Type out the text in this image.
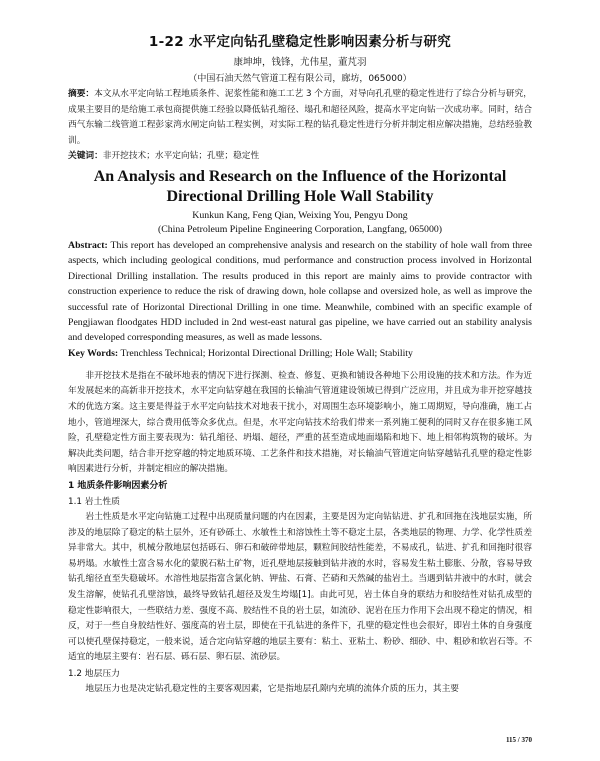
1-22 水平定向钻孔壁稳定性影响因素分析与研究

康坤坤，钱锋，尤伟星，董芃羽

（中国石油天然气管道工程有限公司，廊坊，065000）

摘要：本文从水平定向钻工程地质条件、泥浆性能和施工工艺 3 个方面，对导向孔孔壁的稳定性进行了综合分析与研究，成果主要目的是给施工承包商提供施工经验以降低钻孔缩径、塌孔和超径风险，提高水平定向钻一次成功率。同时，结合西气东输二线管道工程彭家湾水闸定向钻工程实例，对实际工程的钻孔稳定性进行分析并制定相应解决措施，总结经验教训。

关键词：非开挖技术；水平定向钻；孔壁；稳定性

An Analysis and Research on the Influence of the Horizontal Directional Drilling Hole Wall Stability

Kunkun Kang, Feng Qian, Weixing You, Pengyu Dong

(China Petroleum Pipeline Engineering Corporation, Langfang, 065000)

Abstract: This report has developed an comprehensive analysis and research on the stability of hole wall from three aspects, which including geological conditions, mud performance and construction process involved in Horizontal Directional Drilling installation. The results produced in this report are mainly aims to provide contractor with construction experience to reduce the risk of drawing down, hole collapse and oversized hole, as well as improve the successful rate of Horizontal Directional Drilling in one time. Meanwhile, combined with an specific example of Pengjiawan floodgates HDD included in 2nd west-east natural gas pipeline, we have carried out an stability analysis and developed corresponding measures, as well as made lessons.

Key Words: Trenchless Technical; Horizontal Directional Drilling; Hole Wall; Stability

非开挖技术是指在不破坏地表的情况下进行探测、检查、修复、更换和铺设各种地下公用设施的技术和方法。作为近年发展起来的高新非开挖技术，水平定向钻穿越在我国的长输油气管道建设领域已得到广泛应用，并且成为非开挖穿越技术的优选方案。这主要是得益于水平定向钻技术对地表干扰小，对周围生态环境影响小，施工周期短，导向准确，施工占地小，管道埋深大，综合费用低等众多优点。但是，水平定向钻技术给我们带来一系列施工便利的同时又存在很多施工风险，孔壁稳定性方面主要表现为：钻孔缩径、坍塌、超径，严重的甚至造成地面塌陷和地下、地上相邻构筑物的破坏。为解决此类问题，结合非开挖穿越的特定地质环境、工艺条件和技术措施，对长输油气管道定向钻穿越钻孔孔壁的稳定性影响因素进行分析，并制定相应的解决措施。

1 地质条件影响因素分析

1.1 岩土性质

岩土性质是水平定向钻施工过程中出现质量问题的内在因素，主要是因为定向钻钻进、扩孔和回拖在浅地层实施，所涉及的地层除了稳定的粘土层外，还有砂砾土、水敏性土和溶蚀性土等不稳定土层，各类地层的物理、力学、化学性质差异非常大。其中，机械分散地层包括砾石、卵石和破碎带地层，颗粒间胶结性能差，不易成孔，钻进、扩孔和回拖时很容易坍塌。水敏性土富含易水化的蒙脱石粘土矿物，近孔壁地层接触到钻井液的水时，容易发生粘土膨胀、分散，容易导致钻孔缩径直至失稳破坏。水溶性地层指富含氯化钠、钾盐、石膏、芒硝和天然碱的盐岩土。当遇到钻井液中的水时，就会发生溶解，使钻孔孔壁溶蚀，最终导致钻孔超径及发生垮塌[1]。由此可见，岩土体自身的联结力和胶结性对钻孔成型的稳定性影响很大，一些联结力差、强度不高、胶结性不良的岩土层，如流砂、泥岩在压力作用下会出现不稳定的情况，相反，对于一些自身胶结性好、强度高的岩土层，即使在干孔钻进的条件下，孔壁的稳定性也会很好，即岩土体的自身强度可以使孔壁保持稳定，一般来说，适合定向钻穿越的地层主要有：粘土、亚粘土、粉砂、细砂、中、粗砂和软岩石等。不适宜的地层主要有：岩石层、砾石层、卵石层、流砂层。

1.2 地层压力

地层压力也是决定钻孔稳定性的主要客观因素，它是指地层孔隙内充填的流体介质的压力，其主要

115 / 370
